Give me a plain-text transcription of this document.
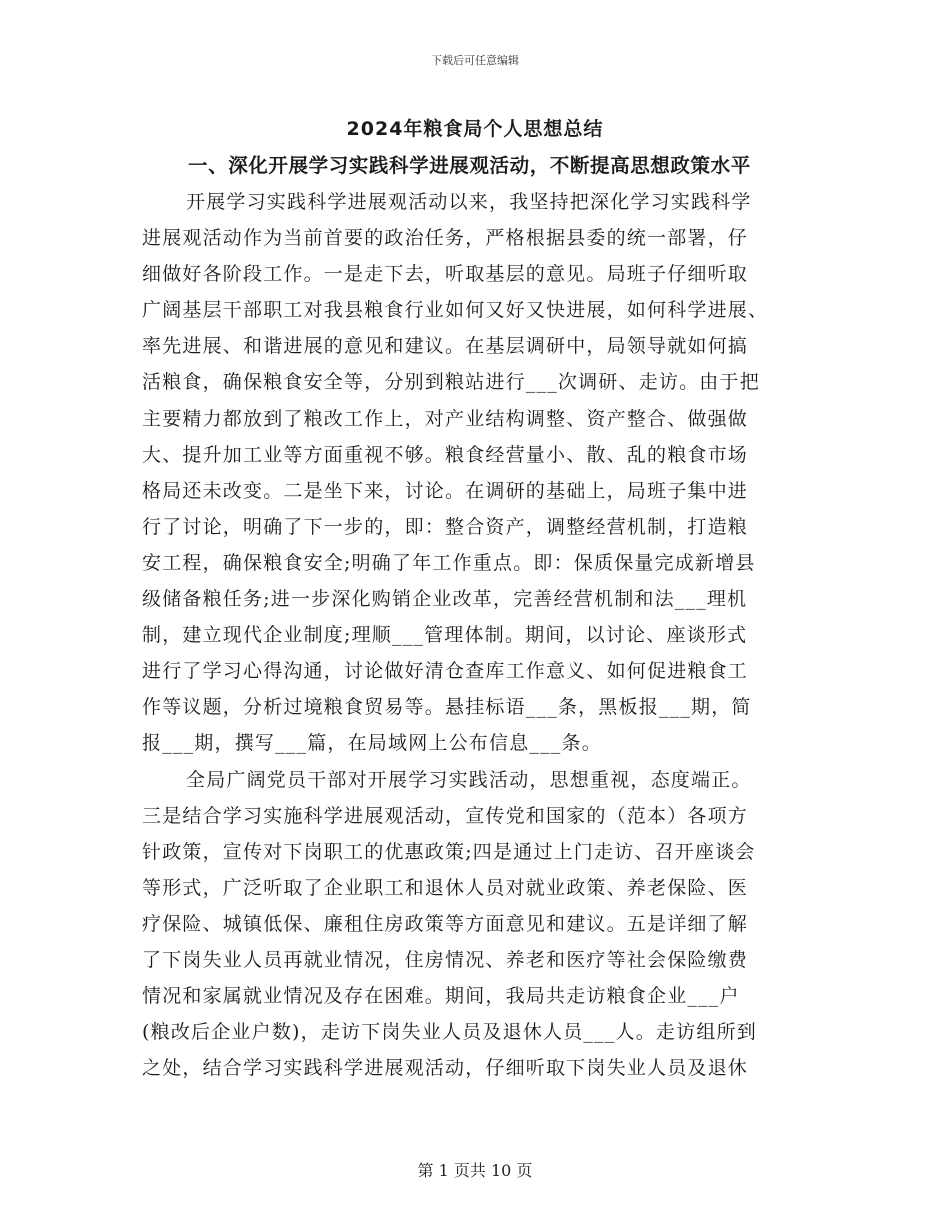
下载后可任意编辑
2024年粮食局个人思想总结
一、深化开展学习实践科学进展观活动，不断提高思想政策水平
开展学习实践科学进展观活动以来，我坚持把深化学习实践科学
进展观活动作为当前首要的政治任务，严格根据县委的统一部署，仔
细做好各阶段工作。一是走下去，听取基层的意见。局班子仔细听取
广阔基层干部职工对我县粮食行业如何又好又快进展，如何科学进展、
率先进展、和谐进展的意见和建议。在基层调研中，局领导就如何搞
活粮食，确保粮食安全等，分别到粮站进行___次调研、走访。由于把
主要精力都放到了粮改工作上，对产业结构调整、资产整合、做强做
大、提升加工业等方面重视不够。粮食经营量小、散、乱的粮食市场
格局还未改变。二是坐下来，讨论。在调研的基础上，局班子集中进
行了讨论，明确了下一步的，即：整合资产，调整经营机制，打造粮
安工程，确保粮食安全;明确了年工作重点。即：保质保量完成新增县
级储备粮任务;进一步深化购销企业改革，完善经营机制和法___理机
制，建立现代企业制度;理顺___管理体制。期间，以讨论、座谈形式
进行了学习心得沟通，讨论做好清仓查库工作意义、如何促进粮食工
作等议题，分析过境粮食贸易等。悬挂标语___条，黑板报___期，简
报___期，撰写___篇，在局域网上公布信息___条。
全局广阔党员干部对开展学习实践活动，思想重视，态度端正。
三是结合学习实施科学进展观活动，宣传党和国家的（范本）各项方
针政策，宣传对下岗职工的优惠政策;四是通过上门走访、召开座谈会
等形式，广泛听取了企业职工和退休人员对就业政策、养老保险、医
疗保险、城镇低保、廉租住房政策等方面意见和建议。五是详细了解
了下岗失业人员再就业情况，住房情况、养老和医疗等社会保险缴费
情况和家属就业情况及存在困难。期间，我局共走访粮食企业___户
(粮改后企业户数)，走访下岗失业人员及退休人员___人。走访组所到
之处，结合学习实践科学进展观活动，仔细听取下岗失业人员及退休
第 1 页共 10 页
